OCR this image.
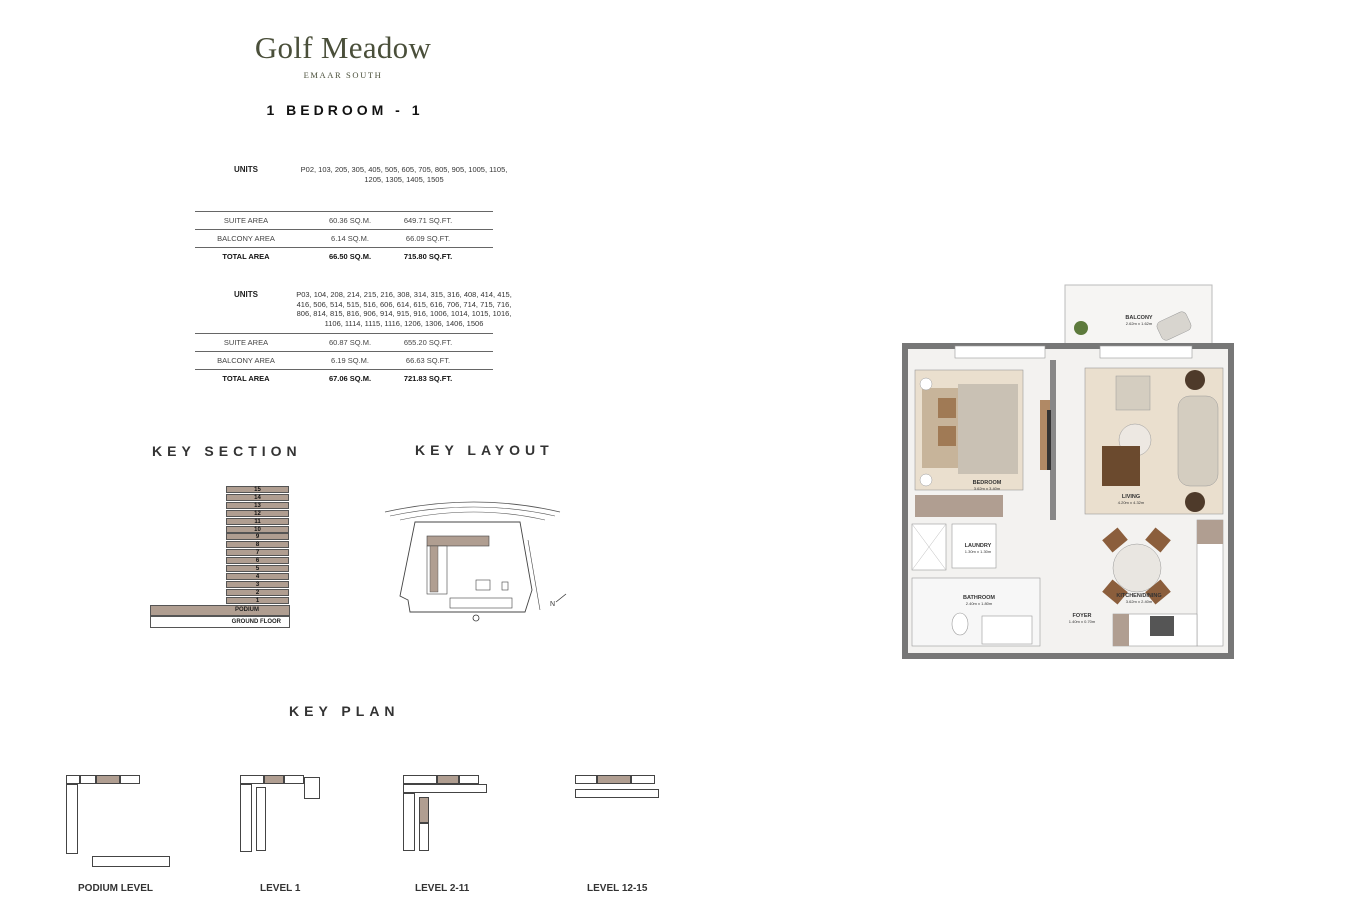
Golf Meadow
EMAAR SOUTH
1 BEDROOM - 1
UNITS	P02, 103, 205, 305, 405, 505, 605, 705, 805, 905, 1005, 1105,
1205, 1305, 1405, 1505
SUITE AREA	60.36 SQ.M.	649.71 SQ.FT.
BALCONY AREA	6.14 SQ.M.	66.09 SQ.FT.
TOTAL AREA	66.50 SQ.M.	715.80 SQ.FT.
UNITS	P03, 104, 208, 214, 215, 216, 308, 314, 315, 316, 408, 414, 415,
416, 506, 514, 515, 516, 606, 614, 615, 616, 706, 714, 715, 716,
806, 814, 815, 816, 906, 914, 915, 916, 1006, 1014, 1015, 1016,
1106, 1114, 1115, 1116, 1206, 1306, 1406, 1506
SUITE AREA	60.87 SQ.M.	655.20 SQ.FT.
BALCONY AREA	6.19 SQ.M.	66.63 SQ.FT.
TOTAL AREA	67.06 SQ.M.	721.83 SQ.FT.
KEY SECTION
15
14
13
12
11
10
9
8
7
6
5
4
3
2
1
PODIUM
GROUND FLOOR
KEY LAYOUT
N
KEY PLAN
PODIUM LEVEL	LEVEL 1	LEVEL 2-11	LEVEL 12-15
BALCONY
2.62m x 1.62m
BEDROOM
3.62m x 3.40m
LIVING
4.20m x 4.32m
LAUNDRY
1.30m x 1.30m
BATHROOM
2.40m x 1.80m
FOYER
1.40m x 0.70m
KITCHEN/DINING
3.62m x 2.40m
